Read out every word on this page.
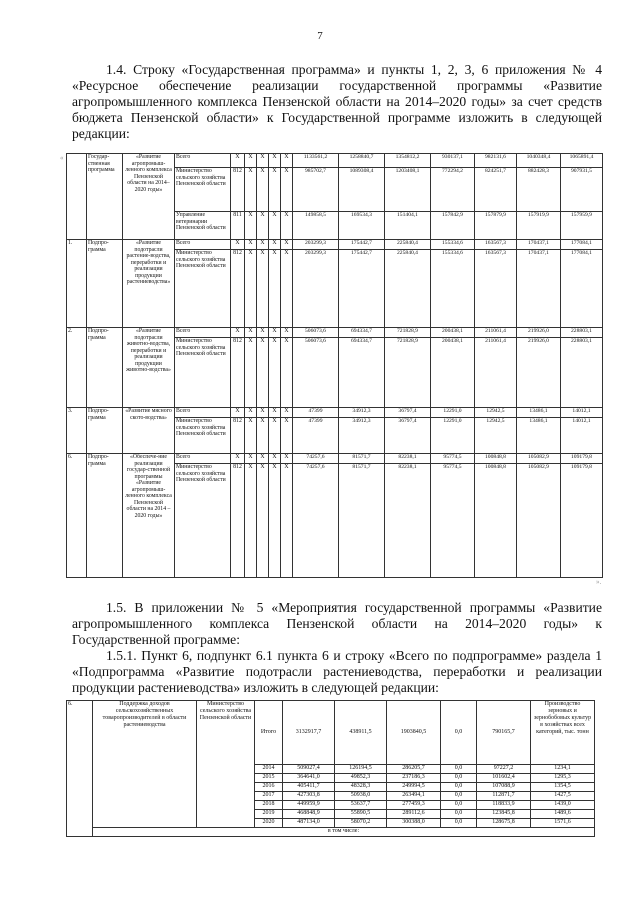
7
1.4. Строку «Государственная программа» и пункты 1, 2, 3, 6 приложения № 4 «Ресурсное обеспечение реализации государственной программы «Развитие агропромышленного комплекса Пензенской области на 2014–2020 годы» за счет средств бюджета Пензенской области» к Государственной программе изложить в следующей редакции:
«
».
	Государ-ственная программа	«Развитие агропромыш-ленного комплекса Пензенской области на 2014–2020 годы»	Всего	X	X	X	X	X	1133561,2	1258840,7	1354812,2	930137,1	982131,6	1040348,4	1065891,4
			Министерство сельского хозяйства Пензенской области	812	X	X	X	X	985702,7	1089308,4	1203408,1	772294,2	824251,7	882428,3	907931,5
			Управление ветеринарии Пензенской области	811	X	X	X	X	149858,5	169534,3	151404,1	157842,9	157879,9	157919,9	157959,9
1.	Подпро-грамма	«Развитие подотрасли растение-водства, переработки и реализации продукции растениеводства»	Всего	X	X	X	X	X	203299,3	175442,7	225840,4	155334,6	163567,3	170437,1	177084,1
			Министерство сельского хозяйства Пензенской области	812	X	X	X	X	203299,3	175442,7	225840,4	155334,6	163567,3	170437,1	177084,1
2.	Подпро-грамма	«Развитие подотрасли животно-водства, переработки и реализации продукции животно-водства»	Всего	X	X	X	X	X	506073,6	694334,7	721828,9	200438,1	211061,4	219926,0	228803,1
			Министерство сельского хозяйства Пензенской области	812	X	X	X	X	506073,6	694334,7	721828,9	200438,1	211061,4	219926,0	228803,1
3.	Подпро-грамма	«Развитие мясного ското-водства»	Всего	X	X	X	X	X	47399	34912,3	36797,4	12291,0	12942,5	13486,1	14012,1
			Министерство сельского хозяйства Пензенской области	812	X	X	X	X	47399	34912,3	36797,4	12291,0	12942,5	13486,1	14012,1
6.	Подпро-грамма	«Обеспече-ние реализации государ-ственной программы «Развитие агропромыш-ленного комплекса Пензенской области на 2014 – 2020 годы»	Всего	X	X	X	X	X	74257,6	81571,7	82238,1	95774,5	100848,8	105082,9	109179,8
			Министерство сельского хозяйства Пензенской области	812	X	X	X	X	74257,6	81571,7	82238,1	95774,5	100848,8	105082,9	109179,8
1.5. В приложении № 5 «Мероприятия государственной программы «Развитие агропромышленного комплекса Пензенской области на 2014–2020 годы» к Государственной программе:
1.5.1. Пункт 6, подпункт 6.1 пункта 6 и строку «Всего по подпрограмме» раздела 1 «Подпрограмма «Развитие подотрасли растениеводства, переработки и реализации продукции растениеводства» изложить в следующей редакции:
6.	Поддержка доходов сельскохозяйственных товаропроизводителей в области растениеводства	Министерство сельского хозяйства Пензенской области	Итого	3132917,7	438911,5	1903840,5	0,0	790165,7	Производство зерновых и зернобобовых культур в хозяйствах всех категорий, тыс. тонн
			2014	509027,4	126194,5	286205,7	0,0	97227,2	1234,1
			2015	364641,0	49852,3	237186,3	0,0	101602,4	1295,3
			2016	405411,7	48328,3	249994,5	0,0	107088,9	1354,5
			2017	427303,8	50938,0	263494,1	0,0	112871,7	1427,5
			2018	449959,9	53637,7	277459,3	0,0	118833,9	1439,0
			2019	468848,9	55890,5	289112,6	0,0	123845,8	1489,6
			2020	487134,0	58070,2	300388,0	0,0	128675,8	1571,6
	в том числе:								
